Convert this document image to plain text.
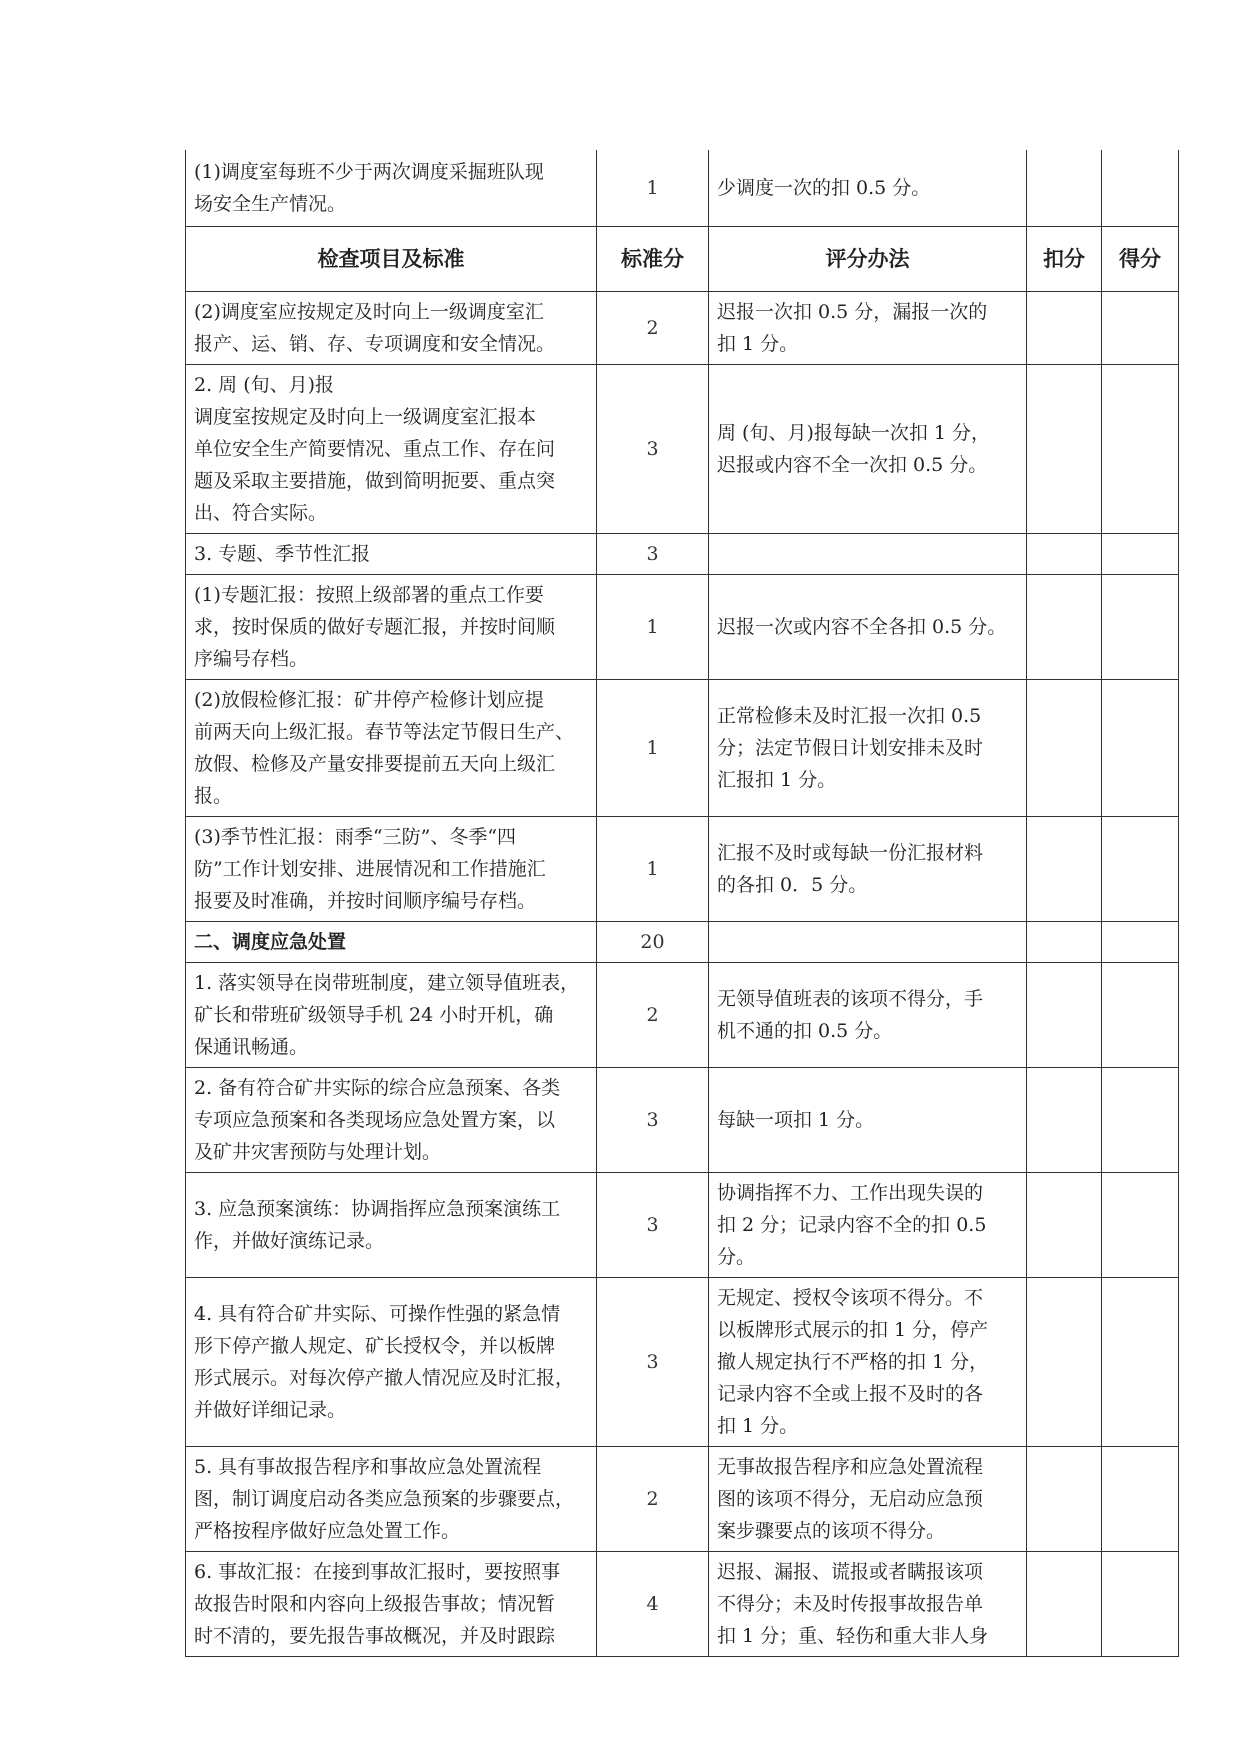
(1)调度室每班不少于两次调度采掘班队现
场安全生产情况。	1	少调度一次的扣 0.5 分。		

检查项目及标准	标准分	评分办法	扣分	得分

(2)调度室应按规定及时向上一级调度室汇
报产、运、销、存、专项调度和安全情况。	2	迟报一次扣 0.5 分，漏报一次的
扣 1 分。		

2. 周 (旬、月)报
调度室按规定及时向上一级调度室汇报本
单位安全生产简要情况、重点工作、存在问
题及采取主要措施，做到简明扼要、重点突
出、符合实际。	3	周 (旬、月)报每缺一次扣 1 分，
迟报或内容不全一次扣 0.5 分。		

3. 专题、季节性汇报	3			

(1)专题汇报：按照上级部署的重点工作要
求，按时保质的做好专题汇报，并按时间顺
序编号存档。	1	迟报一次或内容不全各扣 0.5 分。		

(2)放假检修汇报：矿井停产检修计划应提
前两天向上级汇报。春节等法定节假日生产、
放假、检修及产量安排要提前五天向上级汇
报。	1	正常检修未及时汇报一次扣 0.5
分；法定节假日计划安排未及时
汇报扣 1 分。		

(3)季节性汇报：雨季“三防”、冬季“四
防”工作计划安排、进展情况和工作措施汇
报要及时准确，并按时间顺序编号存档。	1	汇报不及时或每缺一份汇报材料
的各扣 0．5 分。		

二、调度应急处置	20			

1. 落实领导在岗带班制度，建立领导值班表，
矿长和带班矿级领导手机 24 小时开机，确
保通讯畅通。	2	无领导值班表的该项不得分，手
机不通的扣 0.5 分。		

2. 备有符合矿井实际的综合应急预案、各类
专项应急预案和各类现场应急处置方案，以
及矿井灾害预防与处理计划。	3	每缺一项扣 1 分。		

3. 应急预案演练：协调指挥应急预案演练工
作，并做好演练记录。	3	协调指挥不力、工作出现失误的
扣 2 分；记录内容不全的扣 0.5
分。		

4. 具有符合矿井实际、可操作性强的紧急情
形下停产撤人规定、矿长授权令，并以板牌
形式展示。对每次停产撤人情况应及时汇报，
并做好详细记录。	3	无规定、授权令该项不得分。不
以板牌形式展示的扣 1 分，停产
撤人规定执行不严格的扣 1 分，
记录内容不全或上报不及时的各
扣 1 分。		

5. 具有事故报告程序和事故应急处置流程
图，制订调度启动各类应急预案的步骤要点，
严格按程序做好应急处置工作。	2	无事故报告程序和应急处置流程
图的该项不得分，无启动应急预
案步骤要点的该项不得分。		

6. 事故汇报：在接到事故汇报时，要按照事
故报告时限和内容向上级报告事故；情况暂
时不清的，要先报告事故概况，并及时跟踪	4	迟报、漏报、谎报或者瞒报该项
不得分；未及时传报事故报告单
扣 1 分；重、轻伤和重大非人身		
